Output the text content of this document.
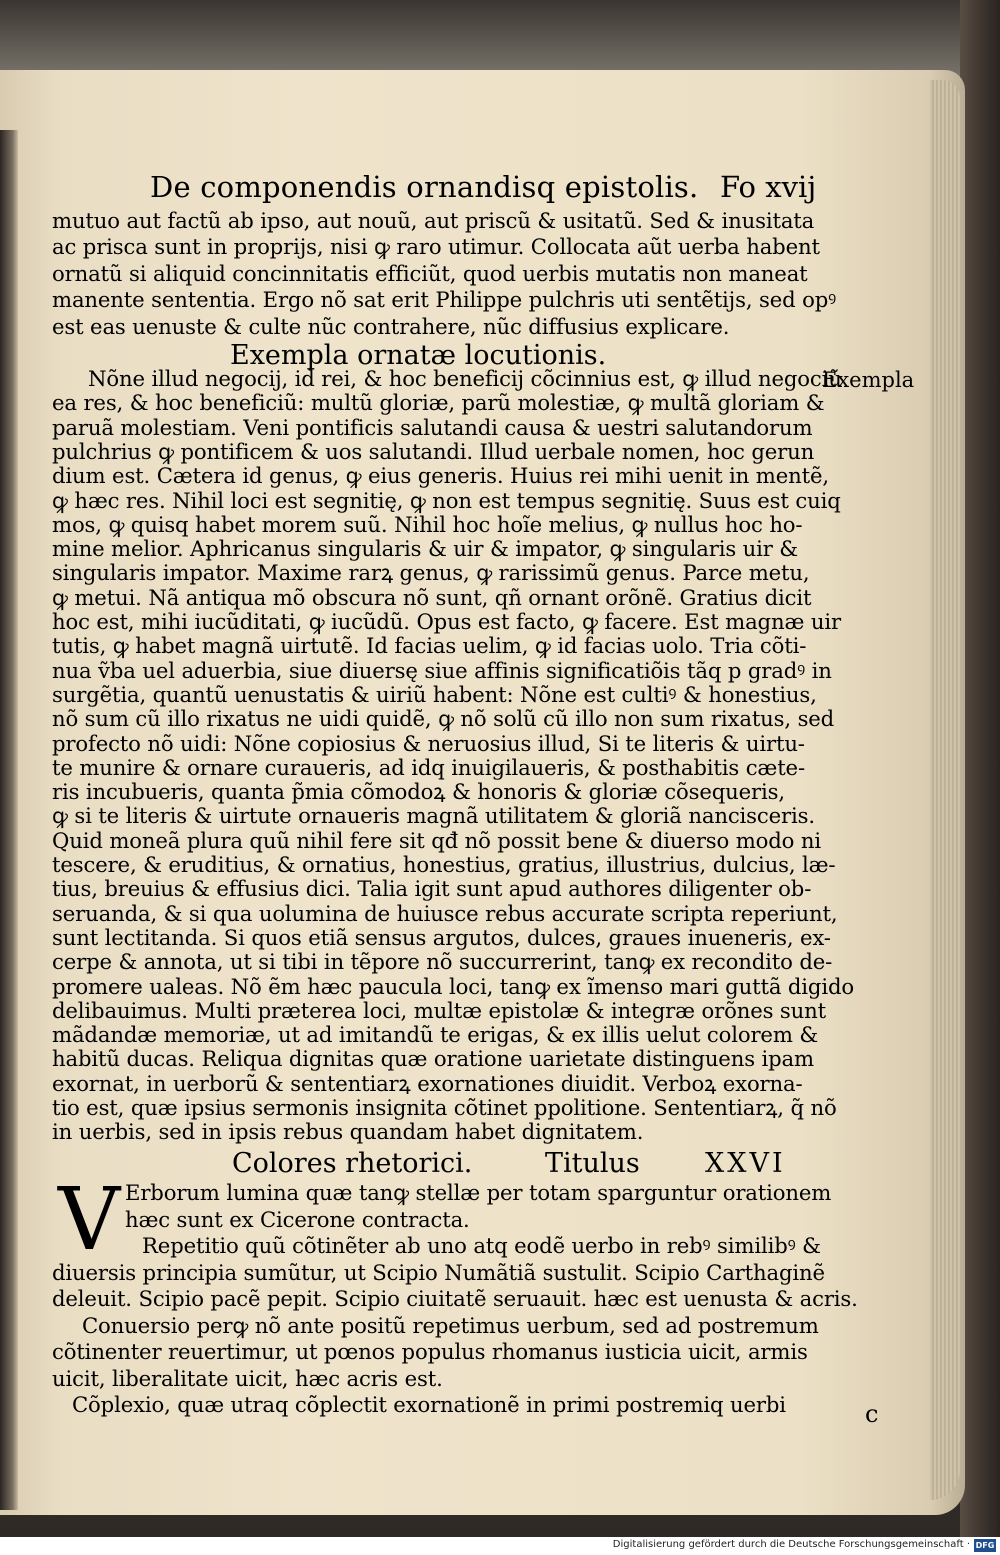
De componendis ornandisq epistolis. Fo xvij
mutuo aut factũ ab ipso, aut nouũ, aut priscũ & usitatũ. Sed & inusitata
ac prisca sunt in proprijs, nisi ꝙ raro utimur. Collocata aũt uerba habent
ornatũ si aliquid concinnitatis efficiũt, quod uerbis mutatis non maneat
manente sententia. Ergo nõ sat erit Philippe pulchris uti sentẽtijs, sed opꝰ
est eas uenuste & culte nũc contrahere, nũc diffusius explicare.
Exempla ornatæ locutionis.
Exempla
Nõne illud negocij, id rei, & hoc beneficij cõcinnius est, ꝙ illud negociũ
ea res, & hoc beneficiũ: multũ gloriæ, parũ molestiæ, ꝙ multã gloriam &
paruã molestiam. Veni pontificis salutandi causa & uestri salutandorum
pulchrius ꝙ pontificem & uos salutandi. Illud uerbale nomen, hoc gerun
dium est. Cætera id genus, ꝙ eius generis. Huius rei mihi uenit in mentẽ,
ꝙ hæc res. Nihil loci est segnitię, ꝙ non est tempus segnitię. Suus est cuiq
mos, ꝙ quisq habet morem suũ. Nihil hoc hoĩe melius, ꝙ nullus hoc ho-
mine melior. Aphricanus singularis & uir & impator, ꝙ singularis uir &
singularis impator. Maxime rarꝝ genus, ꝙ rarissimũ genus. Parce metu,
ꝙ metui. Nã antiqua mõ obscura nõ sunt, qñ ornant orõnẽ. Gratius dicit
hoc est, mihi iucũditati, ꝙ iucũdũ. Opus est facto, ꝙ facere. Est magnæ uir
tutis, ꝙ habet magnã uirtutẽ. Id facias uelim, ꝙ id facias uolo. Tria cõti-
nua ṽba uel aduerbia, siue diuersę siue affinis significatiõis tãq p gradꝰ in
surgẽtia, quantũ uenustatis & uiriũ habent: Nõne est cultiꝰ & honestius,
nõ sum cũ illo rixatus ne uidi quidẽ, ꝙ nõ solũ cũ illo non sum rixatus, sed
profecto nõ uidi: Nõne copiosius & neruosius illud, Si te literis & uirtu-
te munire & ornare curaueris, ad idq inuigilaueris, & posthabitis cæte-
ris incubueris, quanta p̃mia cõmodoꝝ & honoris & gloriæ cõsequeris,
ꝙ si te literis & uirtute ornaueris magnã utilitatem & gloriã nancisceris.
Quid moneã plura quũ nihil fere sit qđ nõ possit bene & diuerso modo ni
tescere, & eruditius, & ornatius, honestius, gratius, illustrius, dulcius, læ-
tius, breuius & effusius dici. Talia igit sunt apud authores diligenter ob-
seruanda, & si qua uolumina de huiusce rebus accurate scripta reperiunt,
sunt lectitanda. Si quos etiã sensus argutos, dulces, graues inueneris, ex-
cerpe & annota, ut si tibi in tẽpore nõ succurrerint, tanꝙ ex recondito de-
promere ualeas. Nõ ẽm hæc paucula loci, tanꝙ ex ĩmenso mari guttã digido
delibauimus. Multi præterea loci, multæ epistolæ & integræ orõnes sunt
mãdandæ memoriæ, ut ad imitandũ te erigas, & ex illis uelut colorem &
habitũ ducas. Reliqua dignitas quæ oratione uarietate distinguens ipam
exornat, in uerborũ & sententiarꝝ exornationes diuidit. Verboꝝ exorna-
tio est, quæ ipsius sermonis insignita cõtinet ppolitione. Sententiarꝝ, q̃ nõ
in uerbis, sed in ipsis rebus quandam habet dignitatem.
Colores rhetorici.	Titulus XXVI
V Erborum lumina quæ tanꝙ stellæ per totam sparguntur orationem
hæc sunt ex Cicerone contracta.
Repetitio quũ cõtinẽter ab uno atq eodẽ uerbo in rebꝰ similibꝰ &
diuersis principia sumũtur, ut Scipio Numãtiã sustulit. Scipio Carthaginẽ
deleuit. Scipio pacẽ pepit. Scipio ciuitatẽ seruauit. hæc est uenusta & acris.
Conuersio perꝙ nõ ante positũ repetimus uerbum, sed ad postremum
cõtinenter reuertimur, ut pœnos populus rhomanus iusticia uicit, armis
uicit, liberalitate uicit, hæc acris est.
Cõplexio, quæ utraq cõplectit exornationẽ in primi postremiq uerbi	c
Digitalisierung gefördert durch die Deutsche Forschungsgemeinschaft · DFG
